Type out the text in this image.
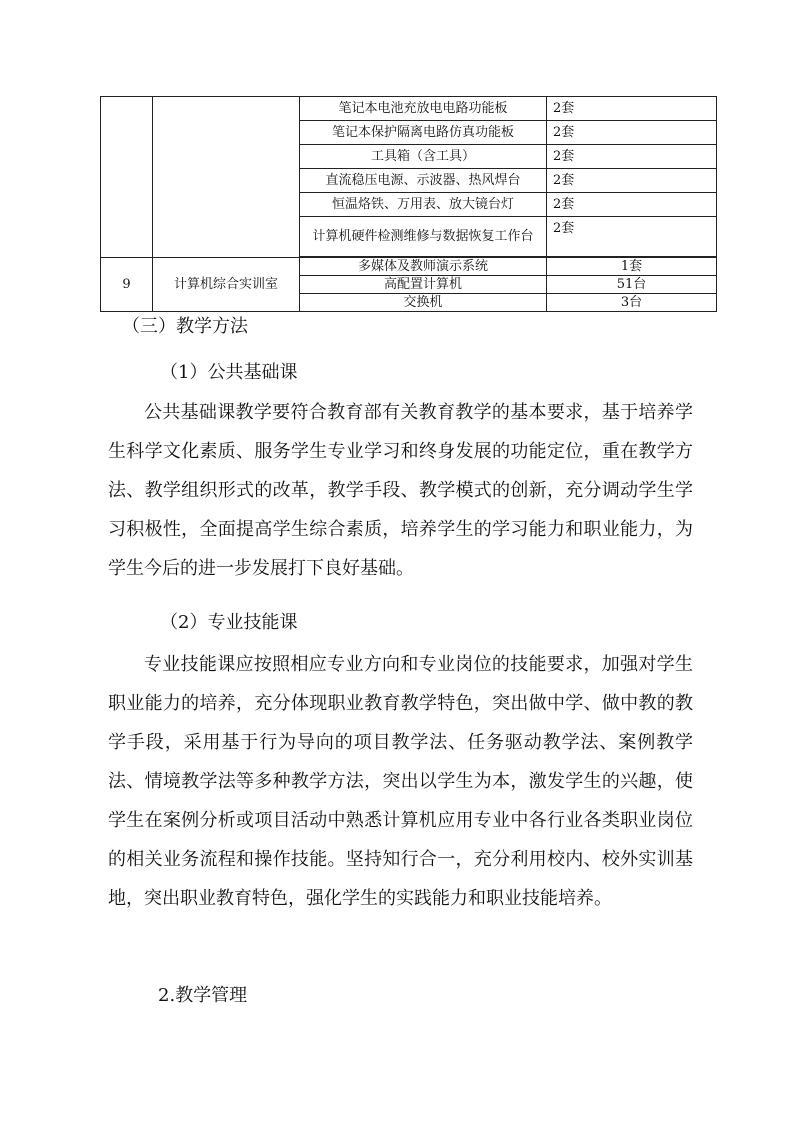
		笔记本电池充放电电路功能板	2套
		笔记本保护隔离电路仿真功能板	2套
		工具箱（含工具）	2套
		直流稳压电源、示波器、热风焊台	2套
		恒温烙铁、万用表、放大镜台灯	2套
		计算机硬件检测维修与数据恢复工作台	2套

9	计算机综合实训室	多媒体及教师演示系统	1套
		高配置计算机	51台
		交换机	3台
（三）教学方法
（1）公共基础课
公共基础课教学要符合教育部有关教育教学的基本要求，基于培养学生科学文化素质、服务学生专业学习和终身发展的功能定位，重在教学方法、教学组织形式的改革，教学手段、教学模式的创新，充分调动学生学习积极性，全面提高学生综合素质，培养学生的学习能力和职业能力，为学生今后的进一步发展打下良好基础。
（2）专业技能课
专业技能课应按照相应专业方向和专业岗位的技能要求，加强对学生职业能力的培养，充分体现职业教育教学特色，突出做中学、做中教的教学手段，采用基于行为导向的项目教学法、任务驱动教学法、案例教学法、情境教学法等多种教学方法，突出以学生为本，激发学生的兴趣，使学生在案例分析或项目活动中熟悉计算机应用专业中各行业各类职业岗位的相关业务流程和操作技能。坚持知行合一，充分利用校内、校外实训基地，突出职业教育特色，强化学生的实践能力和职业技能培养。
2.教学管理
